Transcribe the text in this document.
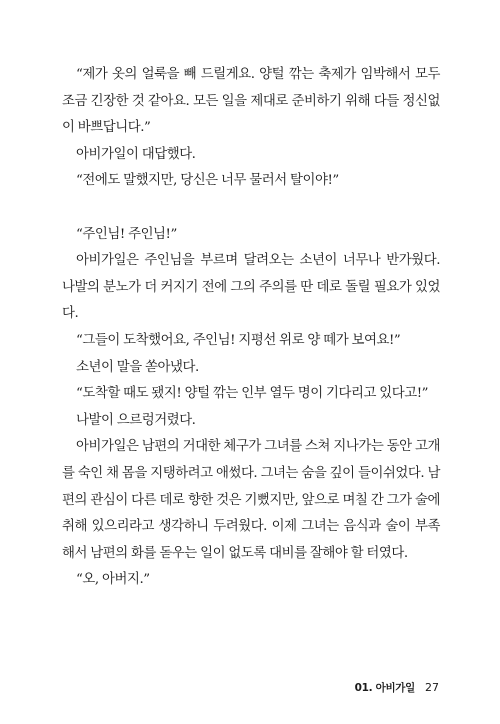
“제가 옷의 얼룩을 빼 드릴게요. 양털 깎는 축제가 임박해서 모두 조금 긴장한 것 같아요. 모든 일을 제대로 준비하기 위해 다들 정신없이 바쁘답니다.”

아비가일이 대답했다.

“전에도 말했지만, 당신은 너무 물러서 탈이야!”

“주인님! 주인님!”

아비가일은 주인님을 부르며 달려오는 소년이 너무나 반가웠다. 나발의 분노가 더 커지기 전에 그의 주의를 딴 데로 돌릴 필요가 있었다.

“그들이 도착했어요, 주인님! 지평선 위로 양 떼가 보여요!”

소년이 말을 쏟아냈다.

“도착할 때도 됐지! 양털 깎는 인부 열두 명이 기다리고 있다고!”

나발이 으르렁거렸다.

아비가일은 남편의 거대한 체구가 그녀를 스쳐 지나가는 동안 고개를 숙인 채 몸을 지탱하려고 애썼다. 그녀는 숨을 깊이 들이쉬었다. 남편의 관심이 다른 데로 향한 것은 기뻤지만, 앞으로 며칠 간 그가 술에 취해 있으리라고 생각하니 두려웠다. 이제 그녀는 음식과 술이 부족해서 남편의 화를 돋우는 일이 없도록 대비를 잘해야 할 터였다.

“오, 아버지.”

01. 아비가일 27
